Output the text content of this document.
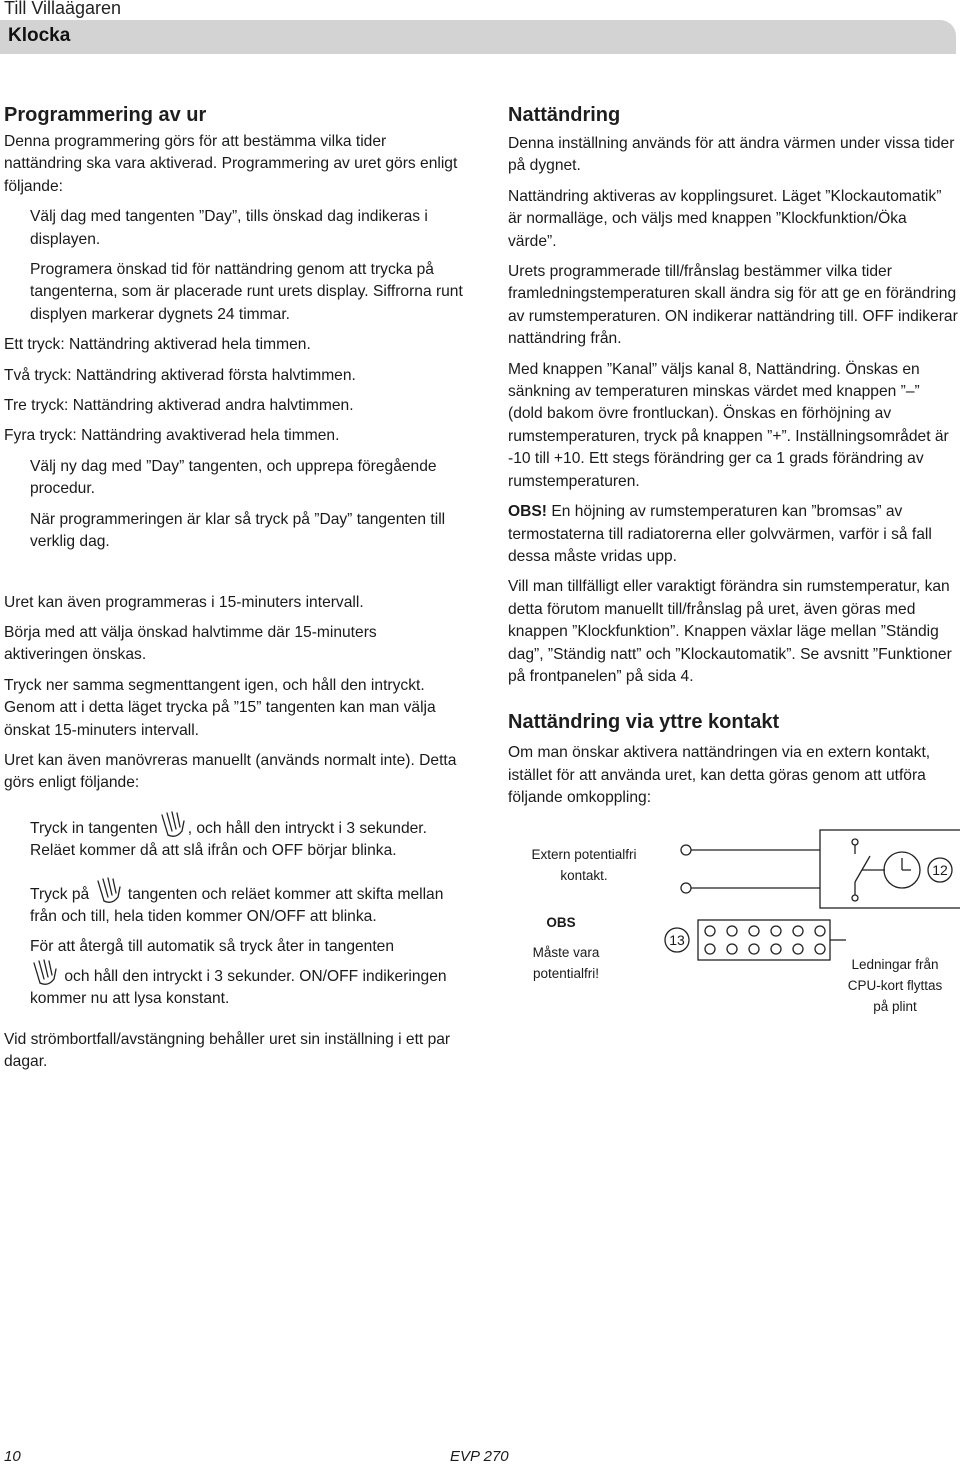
Till Villaägaren
Klocka
Programmering av ur

Denna programmering görs för att bestämma vilka tider nattändring ska vara aktiverad. Programmering av uret görs enligt följande:

Välj dag med tangenten ”Day”, tills önskad dag indikeras i displayen.

Programera önskad tid för nattändring genom att trycka på tangenterna, som är placerade runt urets display. Siffrorna runt displyen markerar dygnets 24 timmar.

Ett tryck: Nattändring aktiverad hela timmen.

Två tryck: Nattändring aktiverad första halvtimmen.

Tre tryck: Nattändring aktiverad andra halvtimmen.

Fyra tryck: Nattändring avaktiverad hela timmen.

Välj ny dag med ”Day” tangenten, och upprepa föregående procedur.

När programmeringen är klar så tryck på ”Day” tangenten till verklig dag.

Uret kan även programmeras i 15-minuters intervall.

Börja med att välja önskad halvtimme där 15-minuters aktiveringen önskas.

Tryck ner samma segmenttangent igen, och håll den intryckt. Genom att i detta läget trycka på ”15” tangenten kan man välja önskat 15-minuters intervall.

Uret kan även manövreras manuellt (används normalt inte). Detta görs enligt följande:

Tryck in tangenten , och håll den intryckt i 3 sekunder. Reläet kommer då att slå ifrån och OFF börjar blinka.

Tryck på tangenten och reläet kommer att skifta mellan från och till, hela tiden kommer ON/OFF att blinka.

För att återgå till automatik så tryck åter in tangenten

och håll den intryckt i 3 sekunder. ON/OFF indikeringen kommer nu att lysa konstant.

Vid strömbortfall/avstängning behåller uret sin inställning i ett par dagar.

Nattändring

Denna inställning används för att ändra värmen under vissa tider på dygnet.

Nattändring aktiveras av kopplingsuret. Läget ”Klockautomatik” är normalläge, och väljs med knappen ”Klockfunktion/Öka värde”.

Urets programmerade till/frånslag bestämmer vilka tider framledningstemperaturen skall ändra sig för att ge en förändring av rumstemperaturen. ON indikerar nattändring till. OFF indikerar nattändring från.

Med knappen ”Kanal” väljs kanal 8, Nattändring. Önskas en sänkning av temperaturen minskas värdet med knappen ”–” (dold bakom övre frontluckan). Önskas en förhöjning av rumstemperaturen, tryck på knappen ”+”. Inställningsområdet är -10 till +10. Ett stegs förändring ger ca 1 grads förändring av rumstemperaturen.

OBS! En höjning av rumstemperaturen kan ”bromsas” av termostaterna till radiatorerna eller golvvärmen, varför i så fall dessa måste vridas upp.

Vill man tillfälligt eller varaktigt förändra sin rumstemperatur, kan detta förutom manuellt till/frånslag på uret, även göras med knappen ”Klockfunktion”. Knappen växlar läge mellan ”Ständig dag”, ”Ständig natt” och ”Klockautomatik”. Se avsnitt ”Funktioner på frontpanelen” på sida 4.

Nattändring via yttre kontakt

Om man önskar aktivera nattändringen via en extern kontakt, istället för att använda uret, kan detta göras genom att utföra följande omkoppling:

12
13
Extern potentialfri kontakt.
OBS
Måste vara potentialfri!
Ledningar från CPU-kort flyttas på plint
10	EVP 270
